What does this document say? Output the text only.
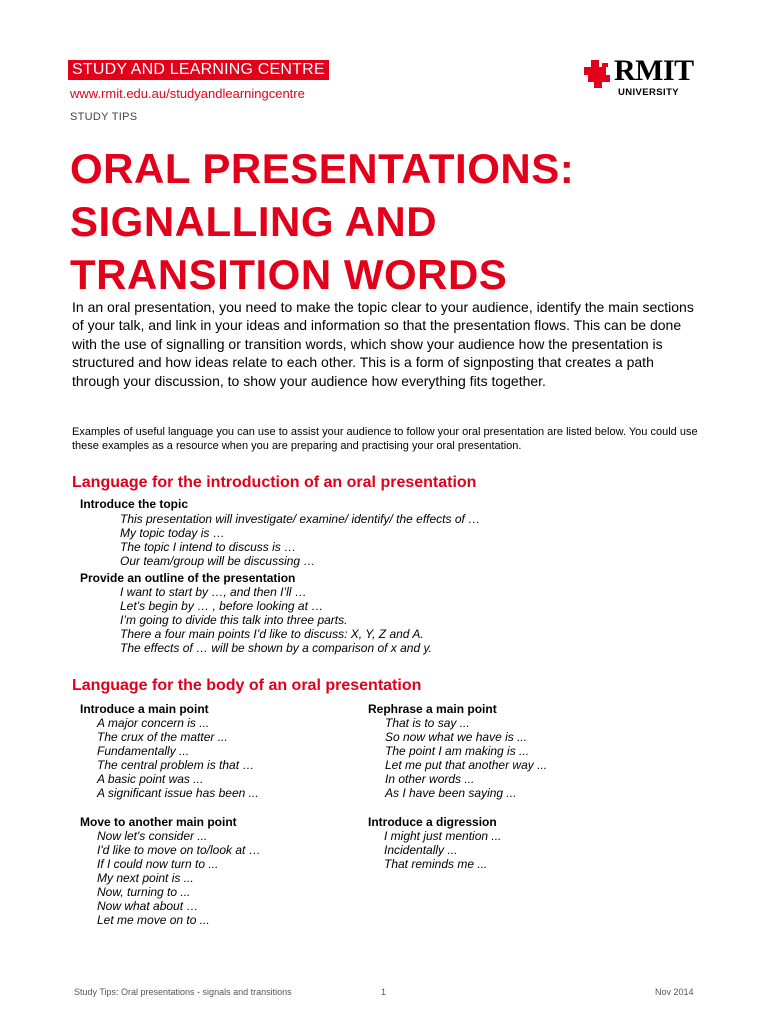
STUDY AND LEARNING CENTRE
www.rmit.edu.au/studyandlearningcentre
STUDY TIPS
RMIT
UNIVERSITY
ORAL PRESENTATIONS:
SIGNALLING AND
TRANSITION WORDS

In an oral presentation, you need to make the topic clear to your audience, identify the main sections of your talk, and link in your ideas and information so that the presentation flows. This can be done with the use of signalling or transition words, which show your audience how the presentation is structured and how ideas relate to each other. This is a form of signposting that creates a path through your discussion, to show your audience how everything fits together.

Examples of useful language you can use to assist your audience to follow your oral presentation are listed below. You could use these examples as a resource when you are preparing and practising your oral presentation.

Language for the introduction of an oral presentation

Introduce the topic

This presentation will investigate/ examine/ identify/ the effects of …
My topic today is …
The topic I intend to discuss is …
Our team/group will be discussing …

Provide an outline of the presentation

I want to start by …, and then I’ll …
Let’s begin by … , before looking at …
I’m going to divide this talk into three parts.
There a four main points I’d like to discuss: X, Y, Z and A.
The effects of … will be shown by a comparison of x and y.
Language for the body of an oral presentation

Introduce a main point

A major concern is ...
The crux of the matter ...
Fundamentally ...
The central problem is that …
A basic point was ...
A significant issue has been ...

Rephrase a main point

That is to say ...
So now what we have is ...
The point I am making is ...
Let me put that another way ...
In other words ...
As I have been saying ...

Move to another main point

Now let's consider ...
I'd like to move on to/look at …
If I could now turn to ...
My next point is ...
Now, turning to ...
Now what about …
Let me move on to ...

Introduce a digression

I might just mention ...
Incidentally ...
That reminds me ...
Study Tips: Oral presentations - signals and transitions	1	Nov 2014
